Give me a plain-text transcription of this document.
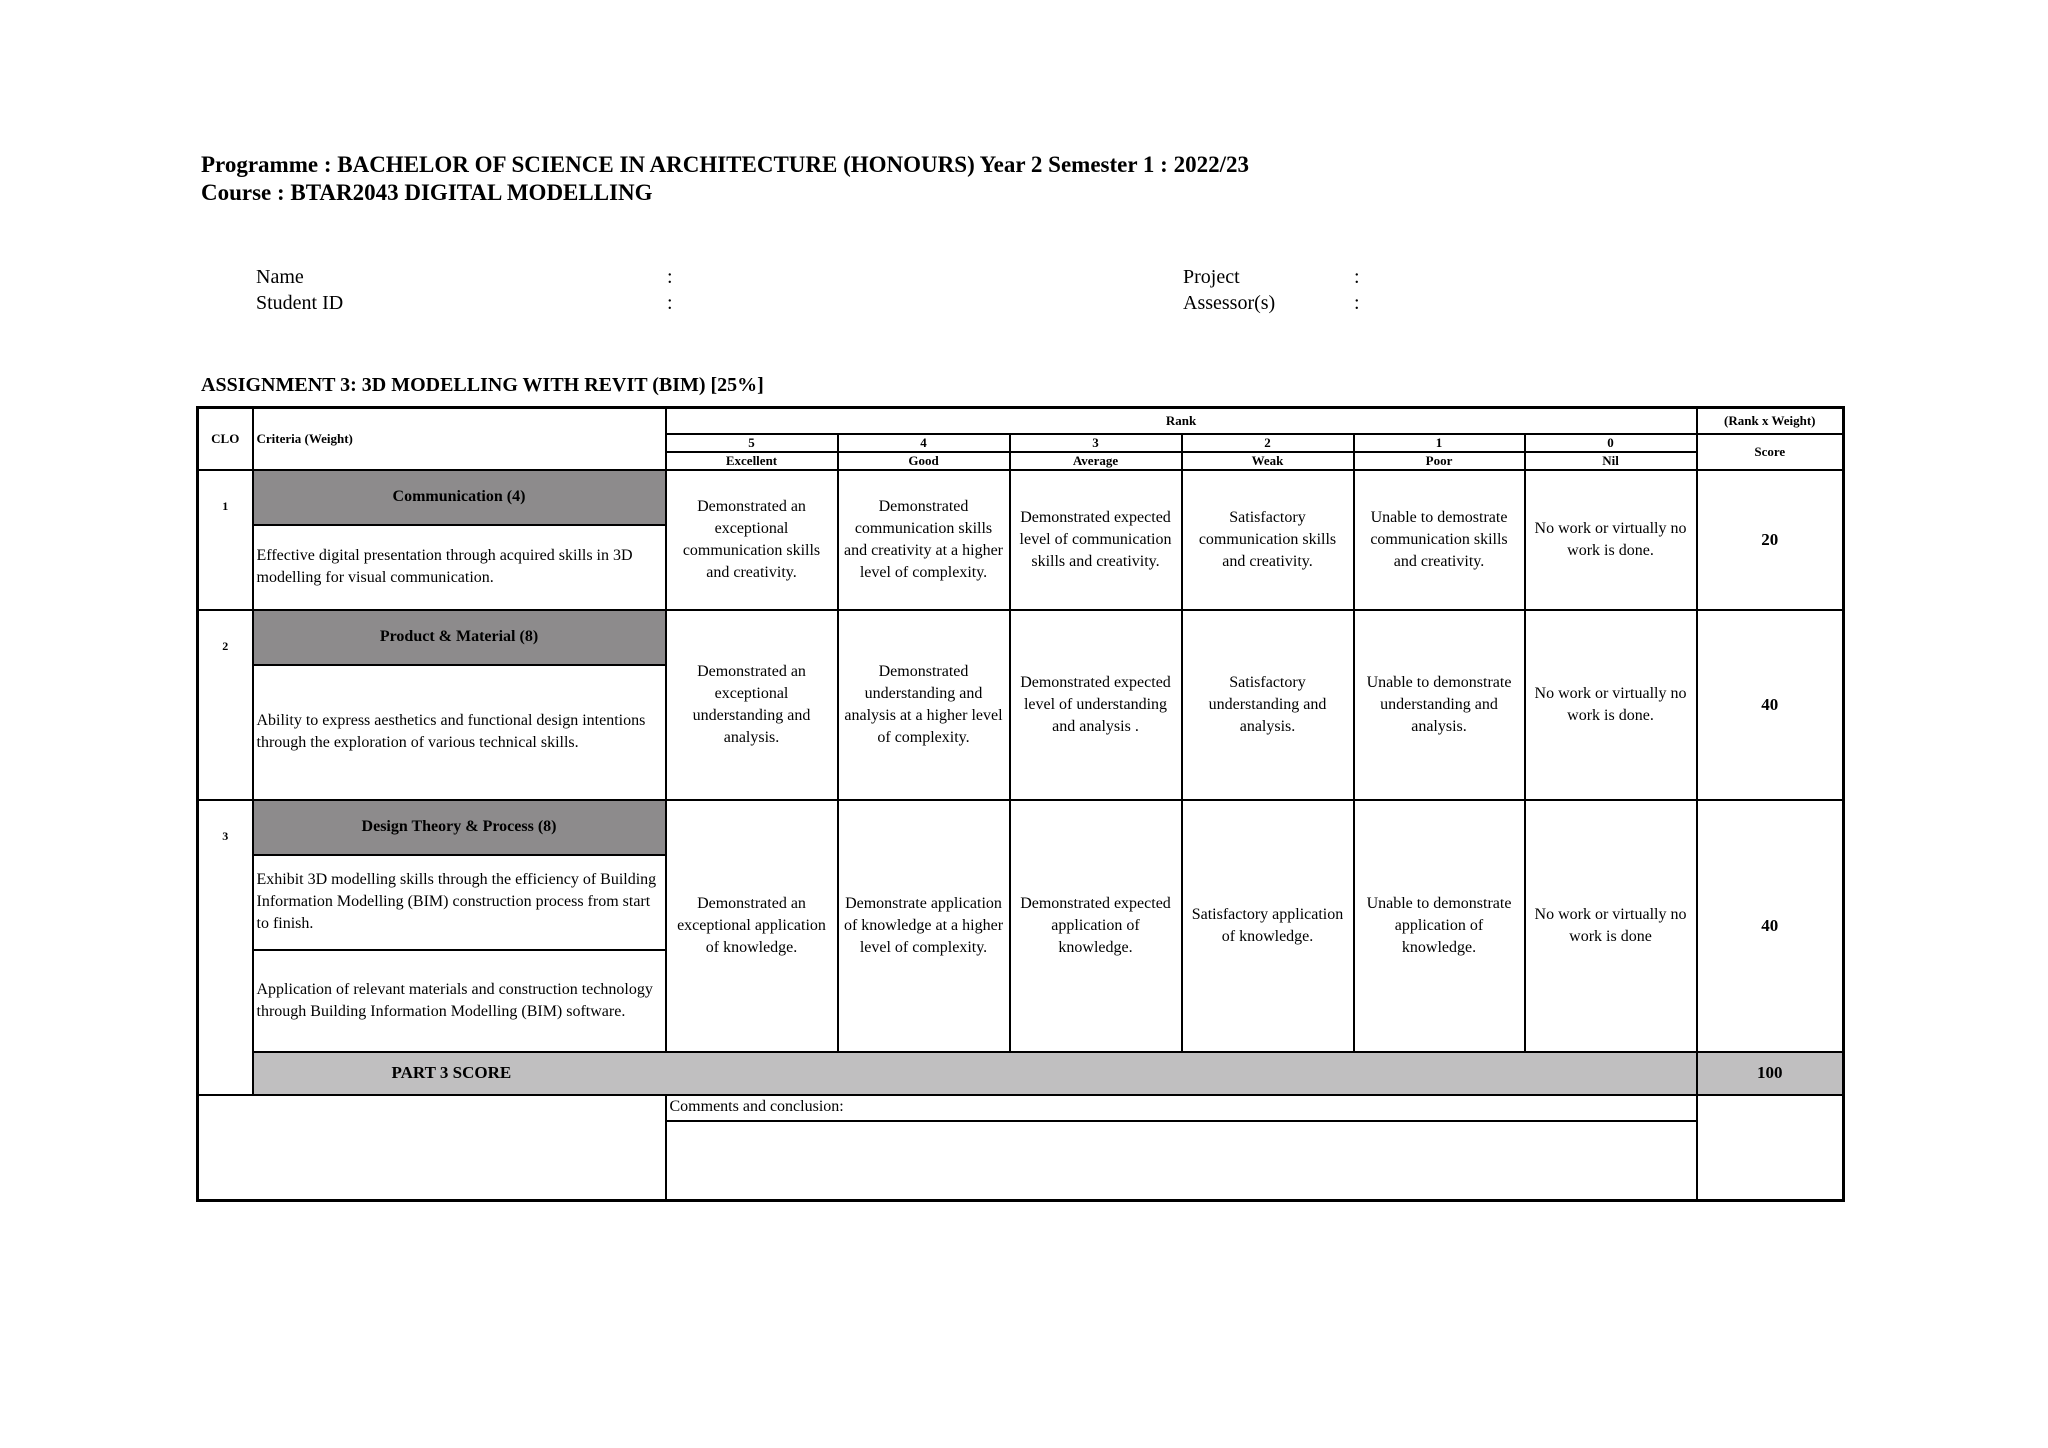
Programme : BACHELOR OF SCIENCE IN ARCHITECTURE (HONOURS) Year 2 Semester 1 : 2022/23
Course : BTAR2043 DIGITAL MODELLING
Name	:
Student ID	:
Project	:
Assessor(s)	:
ASSIGNMENT 3: 3D MODELLING WITH REVIT (BIM) [25%]
CLO	Criteria (Weight)	Rank						(Rank x Weight)
		5	4	3	2	1	0	Score
		Excellent	Good	Average	Weak	Poor	Nil	
1	Communication (4)	Demonstrated an exceptional communication skills and creativity.	Demonstrated communication skills and creativity at a higher level of complexity.	Demonstrated expected level of communication skills and creativity.	Satisfactory communication skills and creativity.	Unable to demostrate communication skills and creativity.	No work or virtually no work is done.	20
	Effective digital presentation through acquired skills in 3D modelling for visual communication.							
2	Product & Material (8)	Demonstrated an exceptional understanding and analysis.	Demonstrated understanding and analysis at a higher level of complexity.	Demonstrated expected level of understanding and analysis .	Satisfactory understanding and analysis.	Unable to demonstrate understanding and analysis.	No work or virtually no work is done.	40
	Ability to express aesthetics and functional design intentions through the exploration of various technical skills.							
3	Design Theory & Process (8)	Demonstrated an exceptional application of knowledge.	Demonstrate application of knowledge at a higher level of complexity.	Demonstrated expected application of knowledge.	Satisfactory application of knowledge.	Unable to demonstrate application of knowledge.	No work or virtually no work is done	40
	Exhibit 3D modelling skills through the efficiency of Building Information Modelling (BIM) construction process from start to finish.							
	Application of relevant materials and construction technology through Building Information Modelling (BIM) software.							
	PART 3 SCORE							100
		Comments and conclusion:						
